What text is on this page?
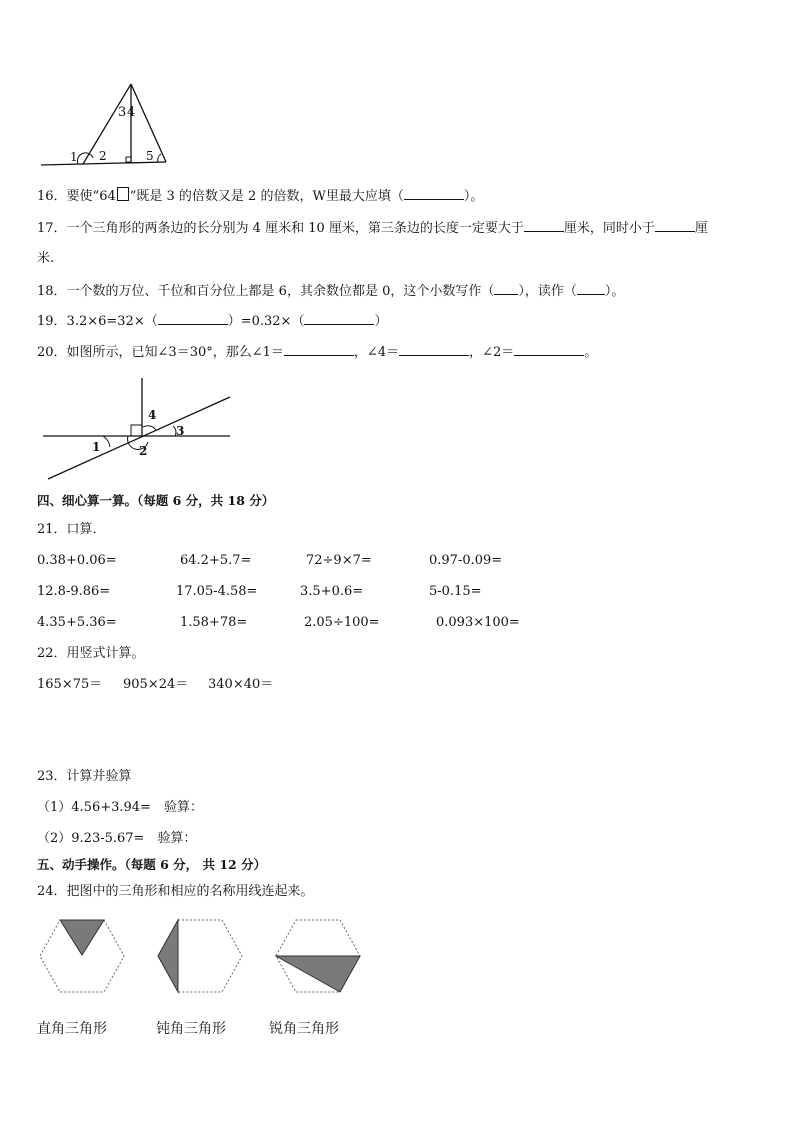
1 2
3 4
5
16．要使“64 ”既是 3 的倍数又是 2 的倍数，W里最大应填（	）。
17．一个三角形的两条边的长分别为 4 厘米和 10 厘米，第三条边的长度一定要大于	厘米，同时小于	厘
米.
18．一个数的万位、千位和百分位上都是 6，其余数位都是 0，这个小数写作（ ），读作（ ）。
19．3.2×6=32×（	）=0.32×（	）
20．如图所示，已知∠3＝30°，那么∠1＝	，∠4＝	，∠2＝	。
4
3
1	2
四、细心算一算。（每题 6 分，共 18 分）
21．口算．
0.38+0.06=	64.2+5.7=	72÷9×7=	0.97-0.09=
12.8-9.86=	17.05-4.58=	3.5+0.6=	5-0.15=
4.35+5.36=	1.58+78=	2.05÷100=	0.093×100=
22．用竖式计算。
165×75＝ 905×24＝ 340×40＝
23．计算并验算
（1）4.56+3.94=　验算：
（2）9.23-5.67=　验算：
五、动手操作。（每题 6 分， 共 12 分）
24．把图中的三角形和相应的名称用线连起来。
直角三角形	钝角三角形	锐角三角形
